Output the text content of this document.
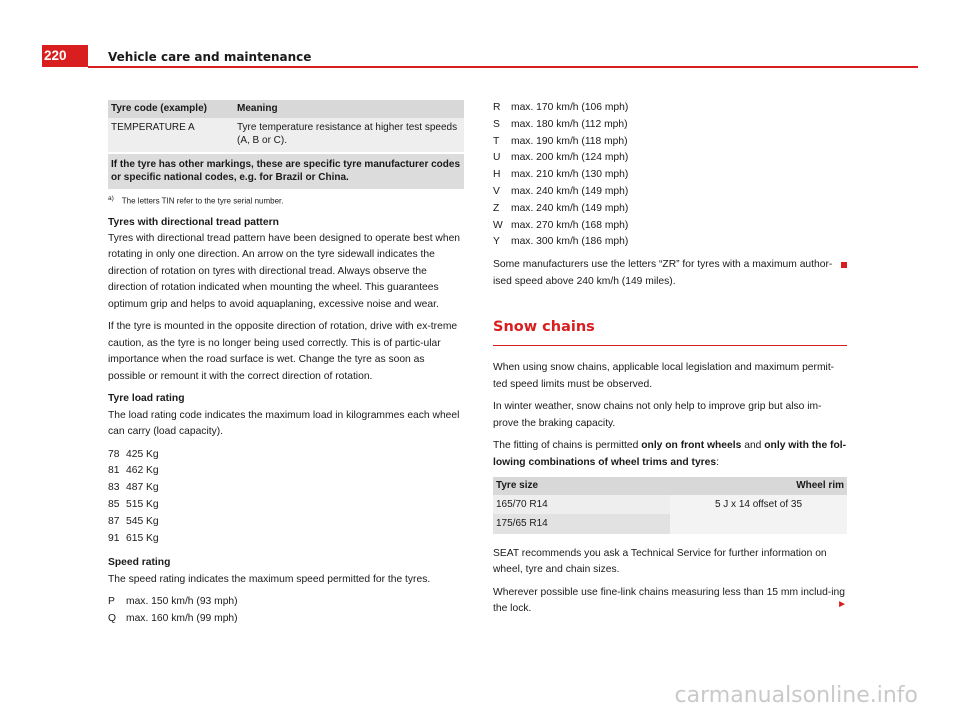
220	Vehicle care and maintenance
Tyre code (example)	Meaning
TEMPERATURE A	Tyre temperature resistance at higher test speeds (A, B or C).
If the tyre has other markings, these are specific tyre manufacturer codes or specific national codes, e.g. for Brazil or China.	
$^{a)}$ The letters TIN refer to the tyre serial number.
Tyres with directional tread pattern

Tyres with directional tread pattern have been designed to operate best when rotating in only one direction. An arrow on the tyre sidewall indicates the direction of rotation on tyres with directional tread. Always observe the direction of rotation indicated when mounting the wheel. This guarantees optimum grip and helps to avoid aquaplaning, excessive noise and wear.

If the tyre is mounted in the opposite direction of rotation, drive with ex-treme caution, as the tyre is no longer being used correctly. This is of partic-ular importance when the road surface is wet. Change the tyre as soon as possible or remount it with the correct direction of rotation.

Tyre load rating

The load rating code indicates the maximum load in kilogrammes each wheel can carry (load capacity).

78 425 Kg
81 462 Kg
83 487 Kg
85 515 Kg
87 545 Kg
91 615 Kg
Speed rating

The speed rating indicates the maximum speed permitted for the tyres.

P	max. 150 km/h (93 mph)
Q max. 160 km/h (99 mph)
R	max. 170 km/h (106 mph)
S	max. 180 km/h (112 mph)
T	max. 190 km/h (118 mph)
U	max. 200 km/h (124 mph)
H	max. 210 km/h (130 mph)
V	max. 240 km/h (149 mph)
Z	max. 240 km/h (149 mph)
W max. 270 km/h (168 mph)
Y	max. 300 km/h (186 mph)

Some manufacturers use the letters “ZR” for tyres with a maximum author-ised speed above 240 km/h (149 miles).

Snow chains

When using snow chains, applicable local legislation and maximum permit-ted speed limits must be observed.

In winter weather, snow chains not only help to improve grip but also im-prove the braking capacity.

The fitting of chains is permitted only on front wheels and only with the fol-lowing combinations of wheel trims and tyres:

Tyre size	Wheel rim
165/70 R14	5 J x 14 offset of 35
175/65 R14	

SEAT recommends you ask a Technical Service for further information on wheel, tyre and chain sizes.

Wherever possible use fine-link chains measuring less than 15 mm includ-ing the lock.	►
carmanualsonline.info
